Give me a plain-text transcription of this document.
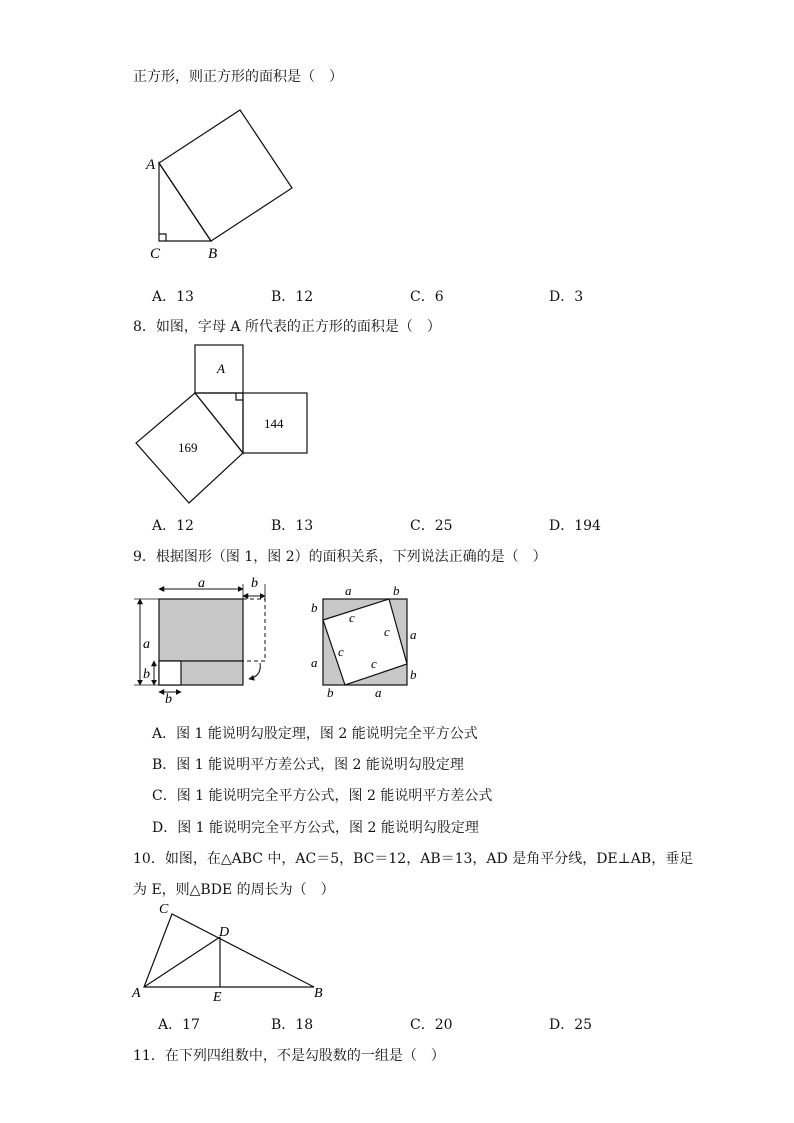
正方形，则正方形的面积是（　）
A
C	B
A．13	B．12	C．6	D．3
8．如图，字母 A 所代表的正方形的面积是（　）
A
144
169
A．12	B．13	C．25	D．194
9．根据图形（图 1，图 2）的面积关系，下列说法正确的是（　）
a	b
a
b
b
a	b
b
a
a
b
b	a
c
c
c
c
A．图 1 能说明勾股定理，图 2 能说明完全平方公式
B．图 1 能说明平方差公式，图 2 能说明勾股定理
C．图 1 能说明完全平方公式，图 2 能说明平方差公式
D．图 1 能说明完全平方公式，图 2 能说明勾股定理
10．如图，在△ABC 中，AC＝5，BC＝12，AB＝13，AD 是角平分线，DE⊥AB，垂足
为 E，则△BDE 的周长为（　）
C
D
A	E	B
A．17	B．18	C．20	D．25
11．在下列四组数中，不是勾股数的一组是（　）
